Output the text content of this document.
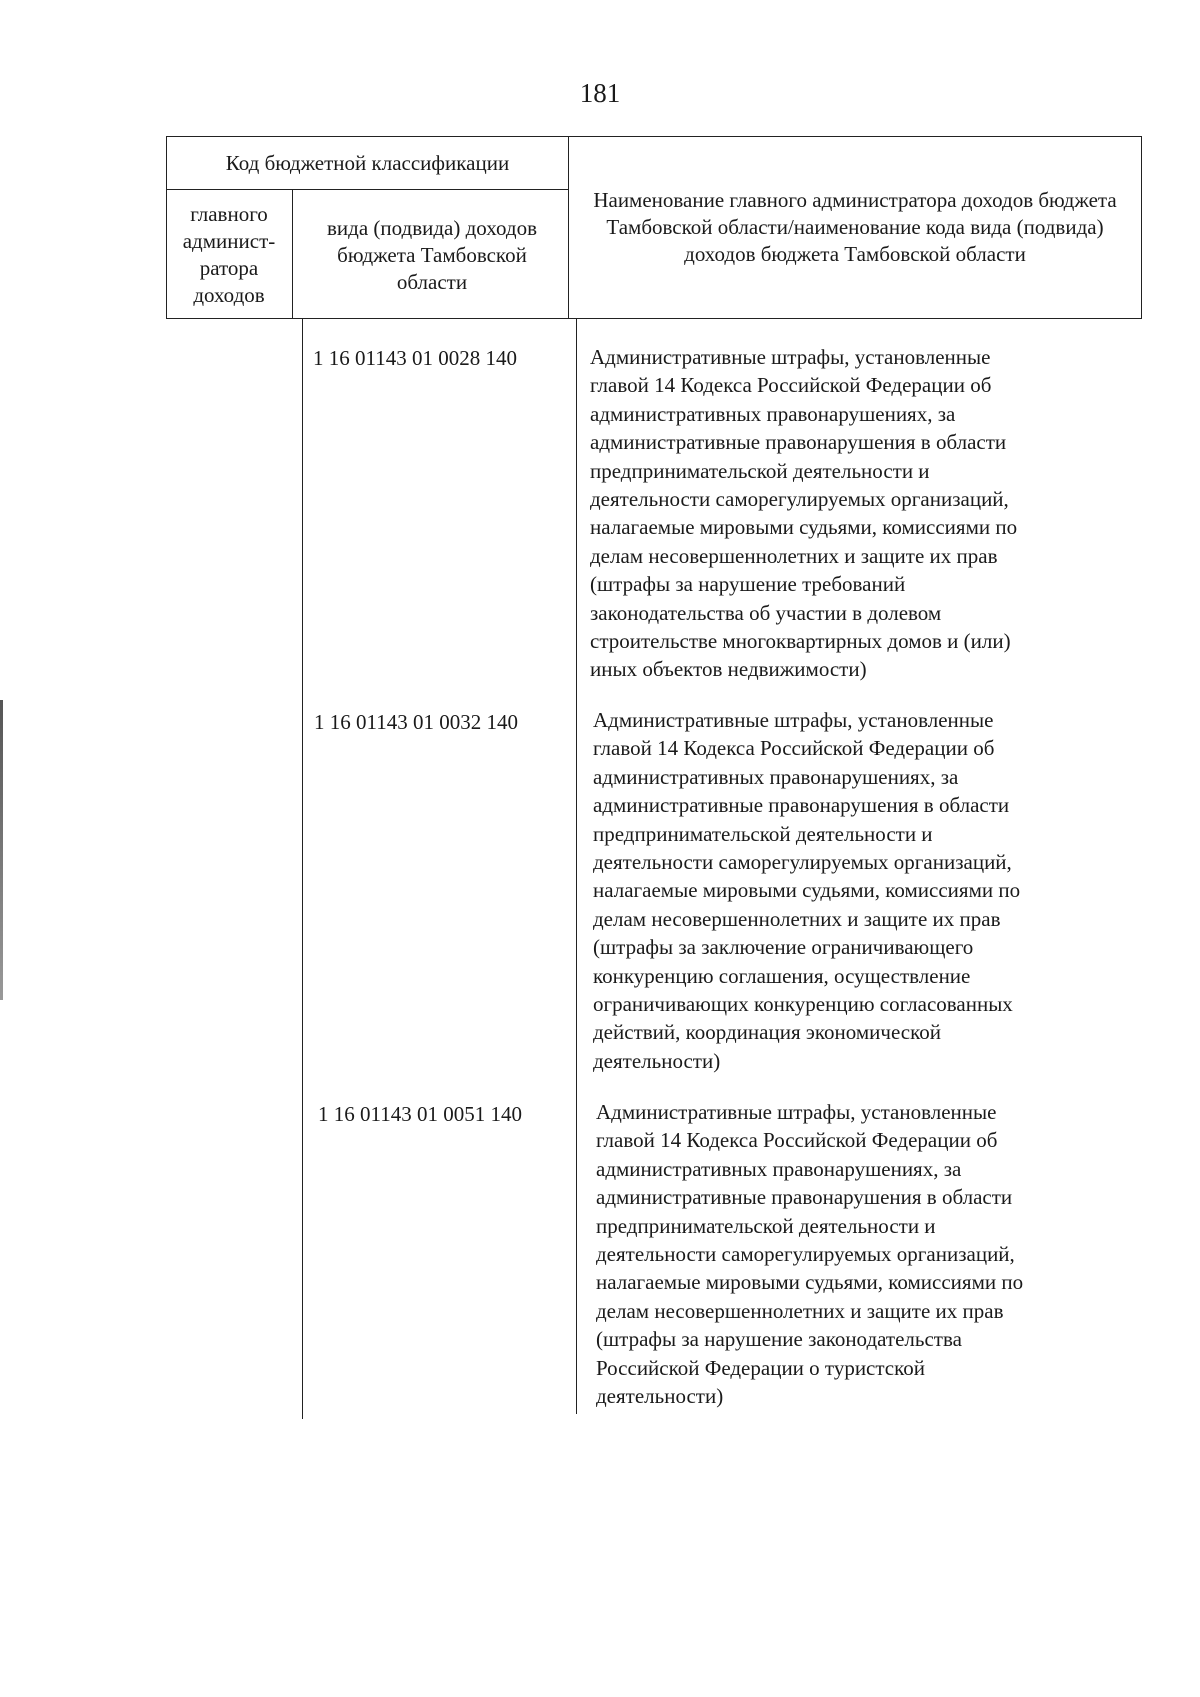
181
Код бюджетной классификации
главного админист-ратора доходов
вида (подвида) доходов бюджета Тамбовской области
Наименование главного администратора доходов бюджета Тамбовской области/наименование кода вида (подвида) доходов бюджета Тамбовской области
1 16 01143 01 0028 140	Административные штрафы, установленные
главой 14 Кодекса Российской Федерации об
административных правонарушениях, за
административные правонарушения в области
предпринимательской деятельности и
деятельности саморегулируемых организаций,
налагаемые мировыми судьями, комиссиями по
делам несовершеннолетних и защите их прав
(штрафы за нарушение требований
законодательства об участии в долевом
строительстве многоквартирных домов и (или)
иных объектов недвижимости)
1 16 01143 01 0032 140	Административные штрафы, установленные
главой 14 Кодекса Российской Федерации об
административных правонарушениях, за
административные правонарушения в области
предпринимательской деятельности и
деятельности саморегулируемых организаций,
налагаемые мировыми судьями, комиссиями по
делам несовершеннолетних и защите их прав
(штрафы за заключение ограничивающего
конкуренцию соглашения, осуществление
ограничивающих конкуренцию согласованных
действий, координация экономической
деятельности)
1 16 01143 01 0051 140	Административные штрафы, установленные
главой 14 Кодекса Российской Федерации об
административных правонарушениях, за
административные правонарушения в области
предпринимательской деятельности и
деятельности саморегулируемых организаций,
налагаемые мировыми судьями, комиссиями по
делам несовершеннолетних и защите их прав
(штрафы за нарушение законодательства
Российской Федерации о туристской
деятельности)
